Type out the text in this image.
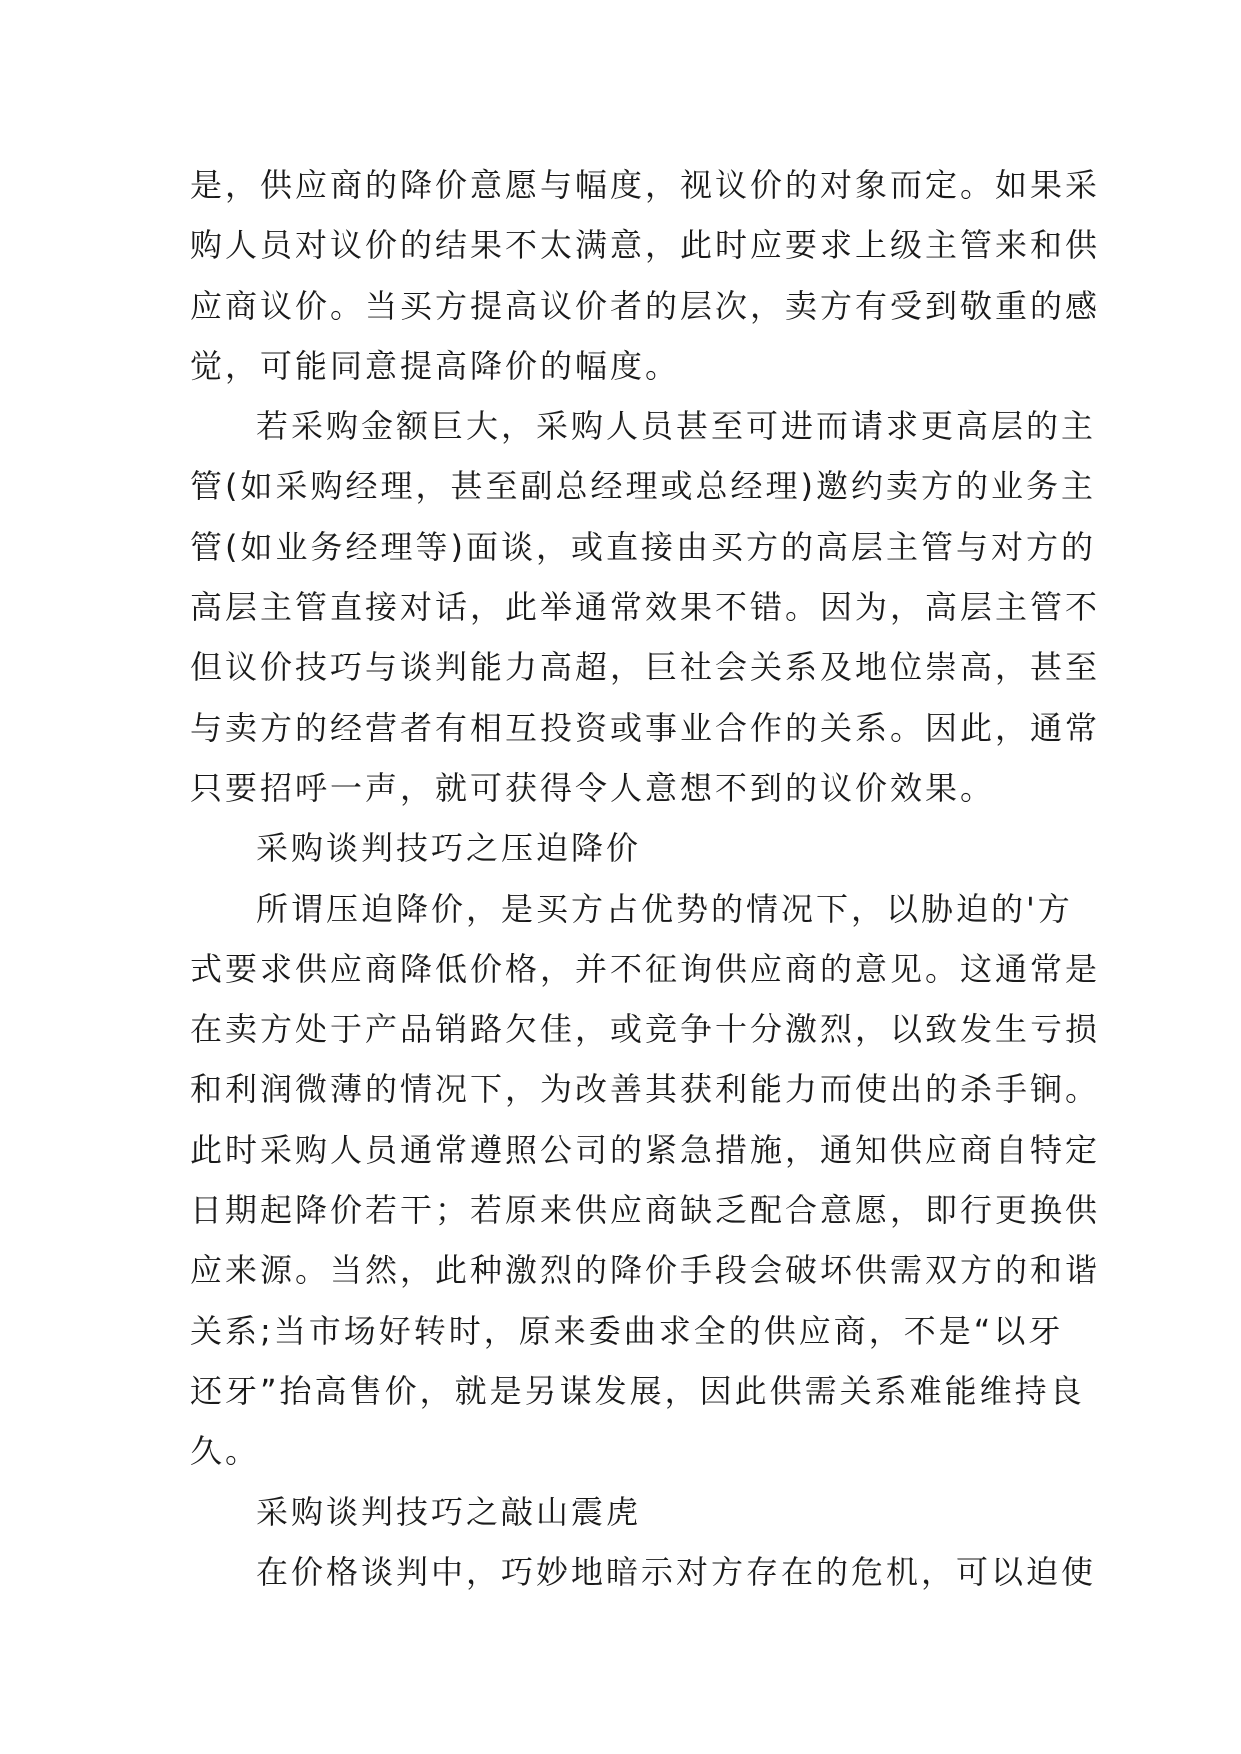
是，供应商的降价意愿与幅度，视议价的对象而定。如果采
购人员对议价的结果不太满意，此时应要求上级主管来和供
应商议价。当买方提高议价者的层次，卖方有受到敬重的感
觉，可能同意提高降价的幅度。
若采购金额巨大，采购人员甚至可进而请求更高层的主
管(如采购经理，甚至副总经理或总经理)邀约卖方的业务主
管(如业务经理等)面谈，或直接由买方的高层主管与对方的
高层主管直接对话，此举通常效果不错。因为，高层主管不
但议价技巧与谈判能力高超，巨社会关系及地位崇高，甚至
与卖方的经营者有相互投资或事业合作的关系。因此，通常
只要招呼一声，就可获得令人意想不到的议价效果。
采购谈判技巧之压迫降价
所谓压迫降价，是买方占优势的情况下，以胁迫的'方
式要求供应商降低价格，并不征询供应商的意见。这通常是
在卖方处于产品销路欠佳，或竞争十分激烈，以致发生亏损
和利润微薄的情况下，为改善其获利能力而使出的杀手锏。
此时采购人员通常遵照公司的紧急措施，通知供应商自特定
日期起降价若干；若原来供应商缺乏配合意愿，即行更换供
应来源。当然，此种激烈的降价手段会破坏供需双方的和谐
关系;当市场好转时，原来委曲求全的供应商，不是“以牙
还牙”抬高售价，就是另谋发展，因此供需关系难能维持良
久。
采购谈判技巧之敲山震虎
在价格谈判中，巧妙地暗示对方存在的危机，可以迫使
